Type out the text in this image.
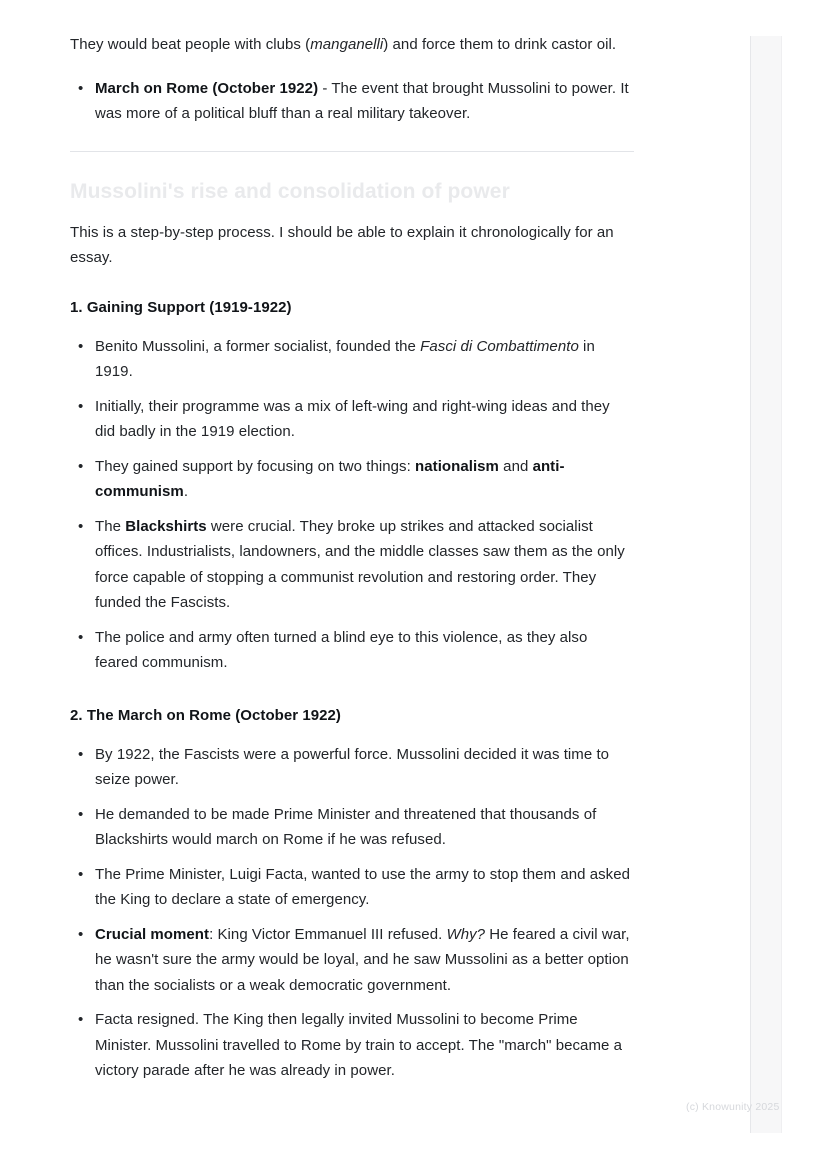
They would beat people with clubs (manganelli) and force them to drink castor oil.

• March on Rome (October 1922) - The event that brought Mussolini to power. It was more of a political bluff than a real military takeover.
Mussolini's rise and consolidation of power

This is a step-by-step process. I should be able to explain it chronologically for an essay.

1. Gaining Support (1919-1922)
• Benito Mussolini, a former socialist, founded the Fasci di Combattimento in 1919.
• Initially, their programme was a mix of left-wing and right-wing ideas and they did badly in the 1919 election.
• They gained support by focusing on two things: nationalism and anti-communism.
• The Blackshirts were crucial. They broke up strikes and attacked socialist offices. Industrialists, landowners, and the middle classes saw them as the only force capable of stopping a communist revolution and restoring order. They funded the Fascists.
• The police and army often turned a blind eye to this violence, as they also feared communism.
2. The March on Rome (October 1922)
• By 1922, the Fascists were a powerful force. Mussolini decided it was time to seize power.
• He demanded to be made Prime Minister and threatened that thousands of Blackshirts would march on Rome if he was refused.
• The Prime Minister, Luigi Facta, wanted to use the army to stop them and asked the King to declare a state of emergency.
• Crucial moment: King Victor Emmanuel III refused. Why? He feared a civil war, he wasn't sure the army would be loyal, and he saw Mussolini as a better option than the socialists or a weak democratic government.
• Facta resigned. The King then legally invited Mussolini to become Prime Minister. Mussolini travelled to Rome by train to accept. The "march" became a victory parade after he was already in power.
(c) Knowunity 2025
